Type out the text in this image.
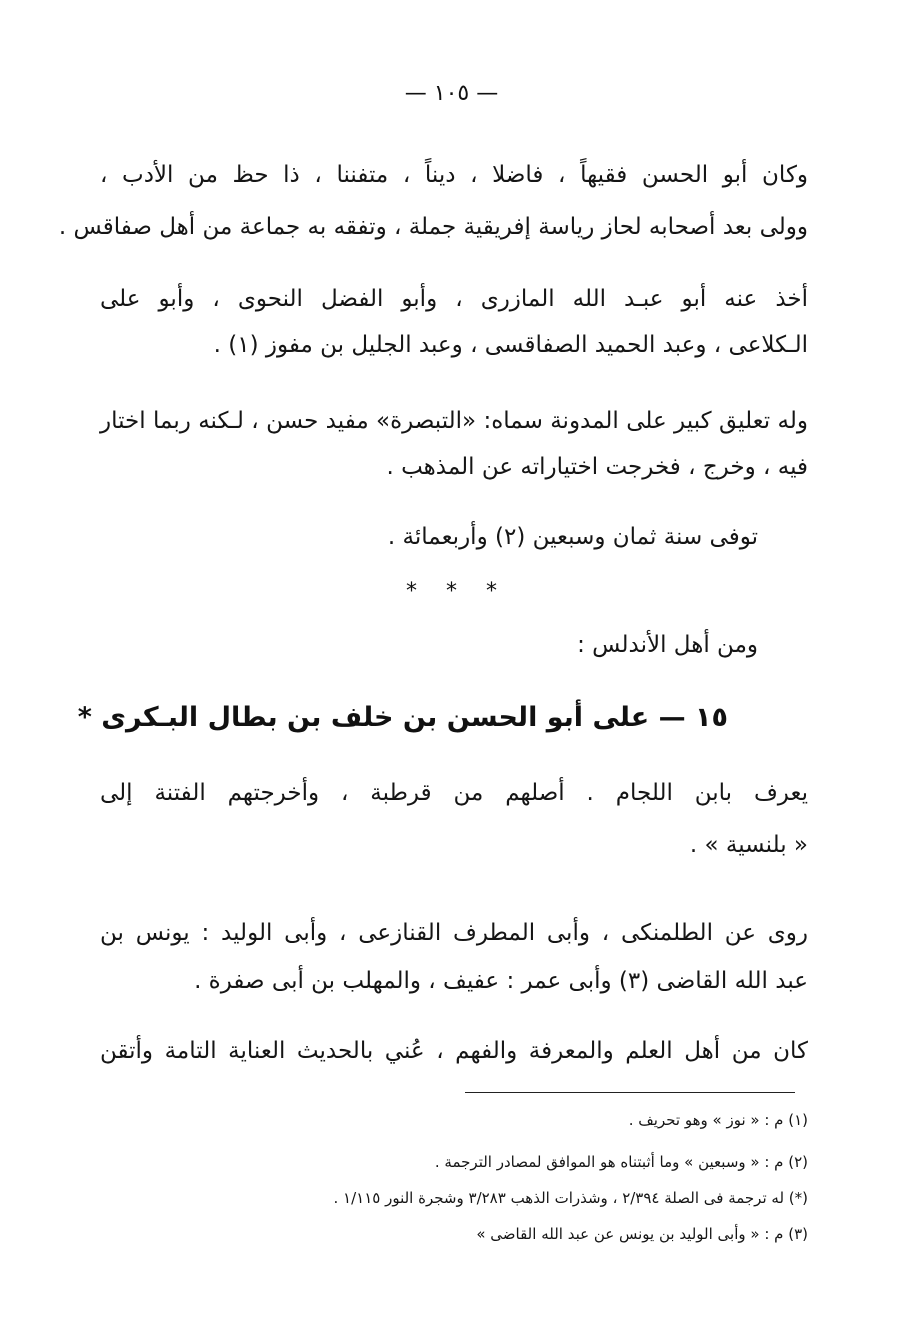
— ١٠٥ —
وكان أبو الحسن فقيهاً ، فاضلا ، ديناً ، متفننا ، ذا حظ من الأدب ،
وولى بعد أصحابه لحاز رياسة إفريقية جملة ، وتفقه به جماعة من أهل صفاقس .
أخذ عنه أبو عبـد الله المازرى ، وأبو الفضل النحوى ، وأبو على
الـكلاعى ، وعبد الحميد الصفاقسى ، وعبد الجليل بن مفوز (١) .
وله تعليق كبير على المدونة سماه: «التبصرة» مفيد حسن ، لـكنه ربما اختار
فيه ، وخرج ، فخرجت اختياراته عن المذهب .
توفى سنة ثمان وسبعين (٢) وأربعمائة .
* * *
ومن أهل الأندلس :
١٥ — على أبو الحسن بن خلف بن بطال البـكرى *
يعرف بابن اللجام . أصلهم من قرطبة ، وأخرجتهم الفتنة إلى
« بلنسية » .
روى عن الطلمنكى ، وأبى المطرف القنازعى ، وأبى الوليد : يونس بن
عبد الله القاضى (٣) وأبى عمر : عفيف ، والمهلب بن أبى صفرة .
كان من أهل العلم والمعرفة والفهم ، عُني بالحديث العناية التامة وأتقن
(١) م : « نوز » وهو تحريف .
(٢) م : « وسبعين » وما أثبتناه هو الموافق لمصادر الترجمة .
(*) له ترجمة فى الصلة ٢/٣٩٤ ، وشذرات الذهب ٣/٢٨٣ وشجرة النور ١/١١٥ .
(٣) م : « وأبى الوليد بن يونس عن عبد الله القاضى »
